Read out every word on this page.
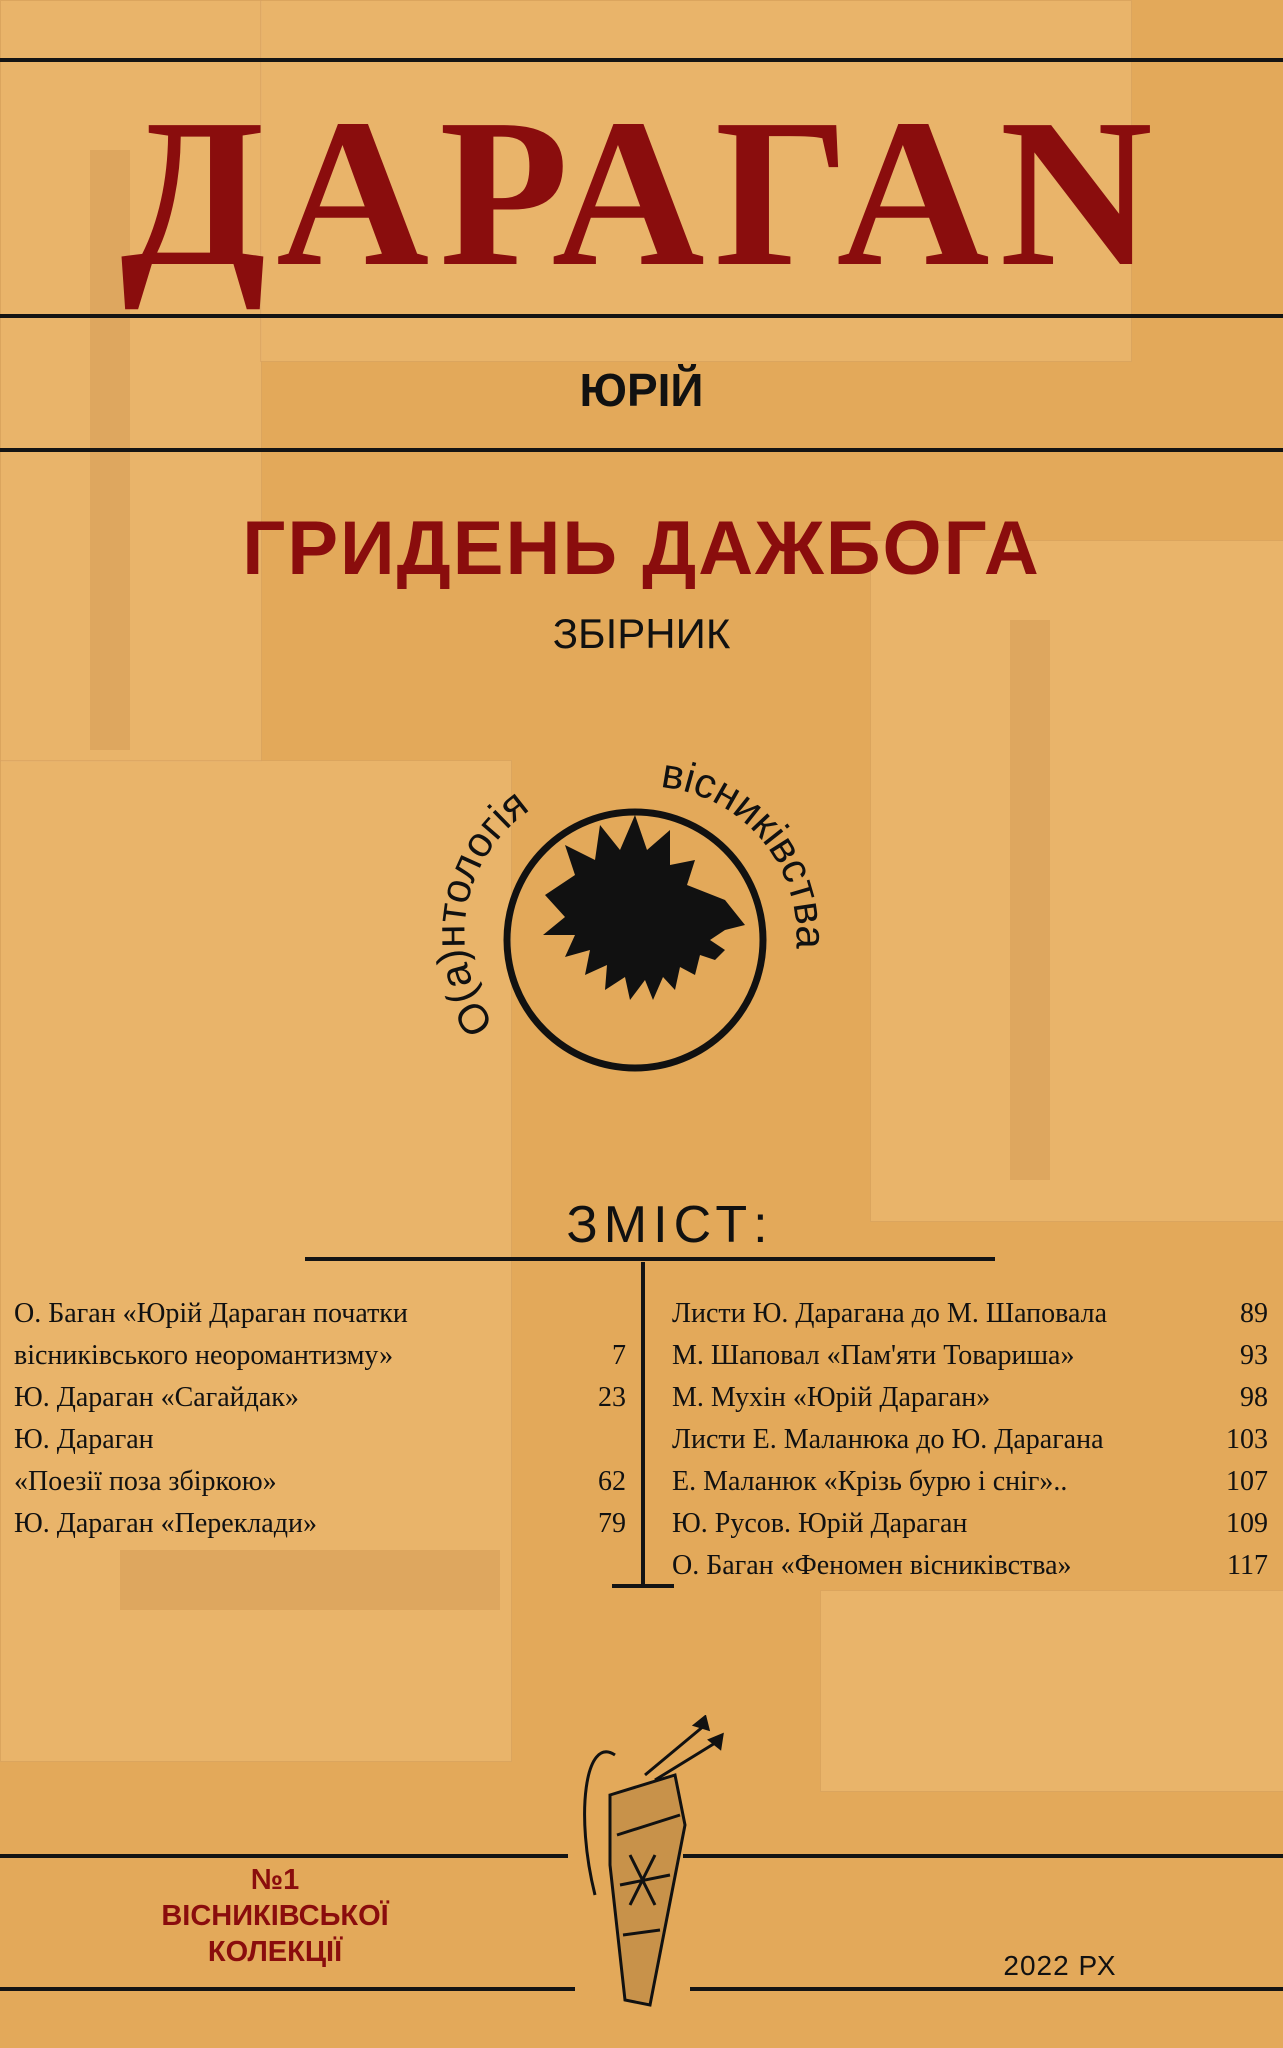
ДАРАГАN
ЮРІЙ
ГРИДЕНЬ ДАЖБОГА
ЗБІРНИК
О(а)нтологія
вісниківства
ЗМІСТ:
О. Баган «Юрій Дараган початки
вісниківського неоромантизму»	7
Ю. Дараган «Сагайдак»	23
Ю. Дараган
«Поезії поза збіркою»	62
Ю. Дараган «Переклади»	79
Листи Ю. Дарагана до М. Шаповала	89
М. Шаповал «Пам'яти Товариша»	93
М. Мухін «Юрій Дараган»	98
Листи Е. Маланюка до Ю. Дарагана	103
Е. Маланюк «Крізь бурю і сніг»..	107
Ю. Русов. Юрій Дараган	109
О. Баган «Феномен вісниківства»	117
№1
ВІСНИКІВСЬКОЇ
КОЛЕКЦІЇ	2022 РХ
